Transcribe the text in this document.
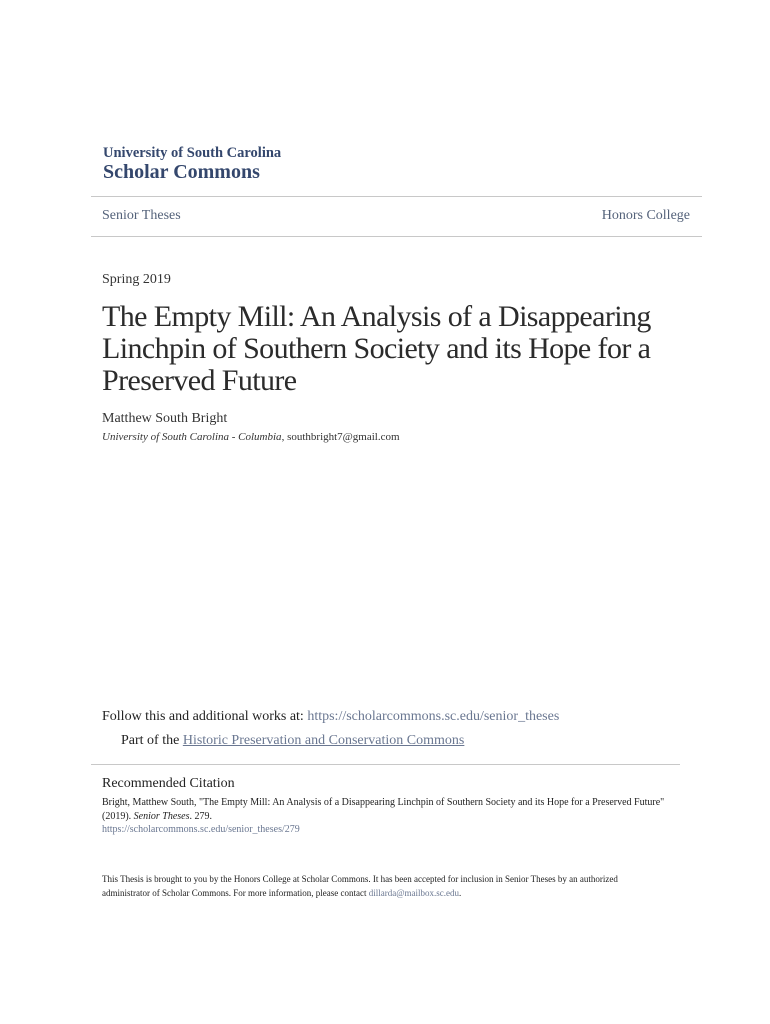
University of South Carolina
Scholar Commons
Senior Theses	Honors College
Spring 2019
The Empty Mill: An Analysis of a Disappearing Linchpin of Southern Society and its Hope for a Preserved Future
Matthew South Bright
University of South Carolina - Columbia, southbright7@gmail.com
Follow this and additional works at: https://scholarcommons.sc.edu/senior_theses
Part of the Historic Preservation and Conservation Commons
Recommended Citation
Bright, Matthew South, "The Empty Mill: An Analysis of a Disappearing Linchpin of Southern Society and its Hope for a Preserved Future" (2019). Senior Theses. 279.
https://scholarcommons.sc.edu/senior_theses/279
This Thesis is brought to you by the Honors College at Scholar Commons. It has been accepted for inclusion in Senior Theses by an authorized administrator of Scholar Commons. For more information, please contact dillarda@mailbox.sc.edu.
